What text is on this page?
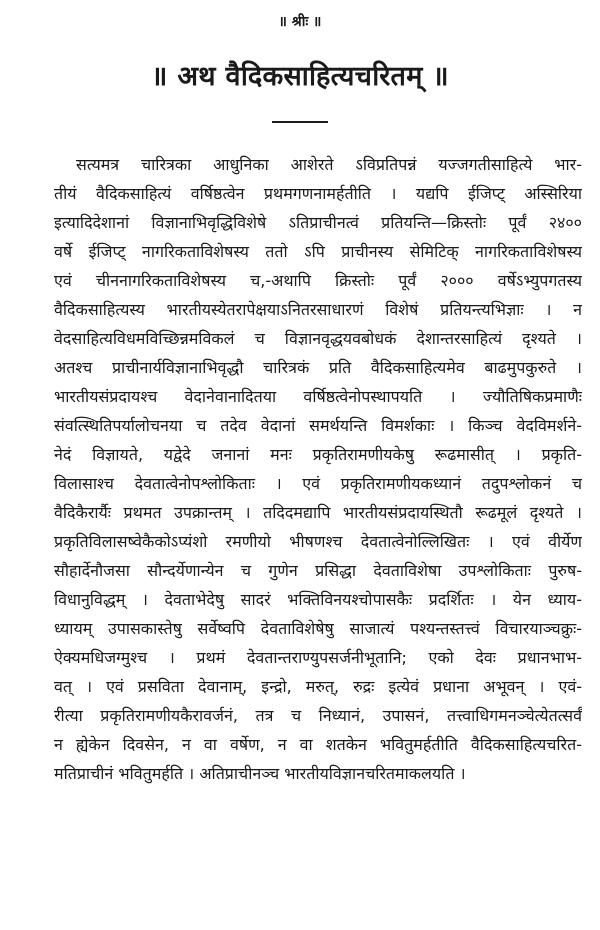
॥ श्रीः ॥
॥ अथ वैदिकसाहित्यचरितम् ॥
सत्यमत्र चारित्रका आधुनिका आशेरते ऽविप्रतिपन्नं यज्जगतीसाहित्ये भार-
तीयं वैदिकसाहित्यं वर्षिष्ठत्वेन प्रथमगणनामर्हतीति । यद्यपि ईजिप्ट् अस्सिरिया
इत्यादिदेशानां विज्ञानाभिवृद्धिविशेषे ऽतिप्राचीनत्वं प्रतियन्ति—क्रिस्तोः पूर्वं २४००
वर्षे ईजिप्ट् नागरिकताविशेषस्य ततो ऽपि प्राचीनस्य सेमिटिक् नागरिकताविशेषस्य
एवं चीननागरिकताविशेषस्य च,-अथापि क्रिस्तोः पूर्वं २००० वर्षेऽभ्युपगतस्य
वैदिकसाहित्यस्य भारतीयस्येतरापेक्षयाऽनितरसाधारणं विशेषं प्रतियन्त्यभिज्ञाः । न
वेदसाहित्यविधमविच्छिन्नमविकलं च विज्ञानवृद्धयवबोधकं देशान्तरसाहित्यं दृश्यते ।
अतश्च प्राचीनार्यविज्ञानाभिवृद्धौ चारित्रकं प्रति वैदिकसाहित्यमेव बाढमुपकुरुते ।
भारतीयसंप्रदायश्च वेदानेवानादितया वर्षिष्ठत्वेनोपस्थापयति । ज्यौतिषिकप्रमाणैः
संवत्स्थितिपर्यालोचनया च तदेव वेदानां समर्थयन्ति विमर्शकाः । किञ्च वेदविमर्शने-
नेदं विज्ञायते, यद्वेदे जनानां मनः प्रकृतिरामणीयकेषु रूढमासीत् । प्रकृति-
विलासाश्च देवतात्वेनोपश्लोकिताः । एवं प्रकृतिरामणीयकध्यानं तदुपश्लोकनं च
वैदिकैरार्यैः प्रथमत उपक्रान्तम् । तदिदमद्यापि भारतीयसंप्रदायस्थितौ रूढमूलं दृश्यते ।
प्रकृतिविलासष्वेकैकोऽप्यंशो रमणीयो भीषणश्च देवतात्वेनोल्लिखितः । एवं वीर्येण
सौहार्देनौजसा सौन्दर्येणान्येन च गुणेन प्रसिद्धा देवताविशेषा उपश्लोकिताः पुरुष-
विधानुविद्धम् । देवताभेदेषु सादरं भक्तिविनयश्चोपासकैः प्रदर्शितः । येन ध्याय-
ध्यायम् उपासकास्तेषु सर्वेष्वपि देवताविशेषेषु साजात्यं पश्यन्तस्तत्त्वं विचारयाञ्चक्रुः-
ऐक्यमधिजग्मुश्च । प्रथमं देवतान्तराण्युपसर्जनीभूतानि; एको देवः प्रधानभाभ-
वत् । एवं प्रसविता देवानाम्, इन्द्रो, मरुत्, रुद्रः इत्येवं प्रधाना अभूवन् । एवं-
रीत्या प्रकृतिरामणीयकैराव‍र्जनं, तत्र च निध्यानं, उपासनं, तत्त्वाधिगमनञ्चेत्येतत्सर्वं
न ह्येकेन दिवसेन, न वा वर्षेण, न वा शतकेन भवितुमर्हतीति वैदिकसाहित्यचरित-
मतिप्राचीनं भवितुमर्हति । अतिप्राचीनञ्च भारतीयविज्ञानचरितमाकलयति ।
